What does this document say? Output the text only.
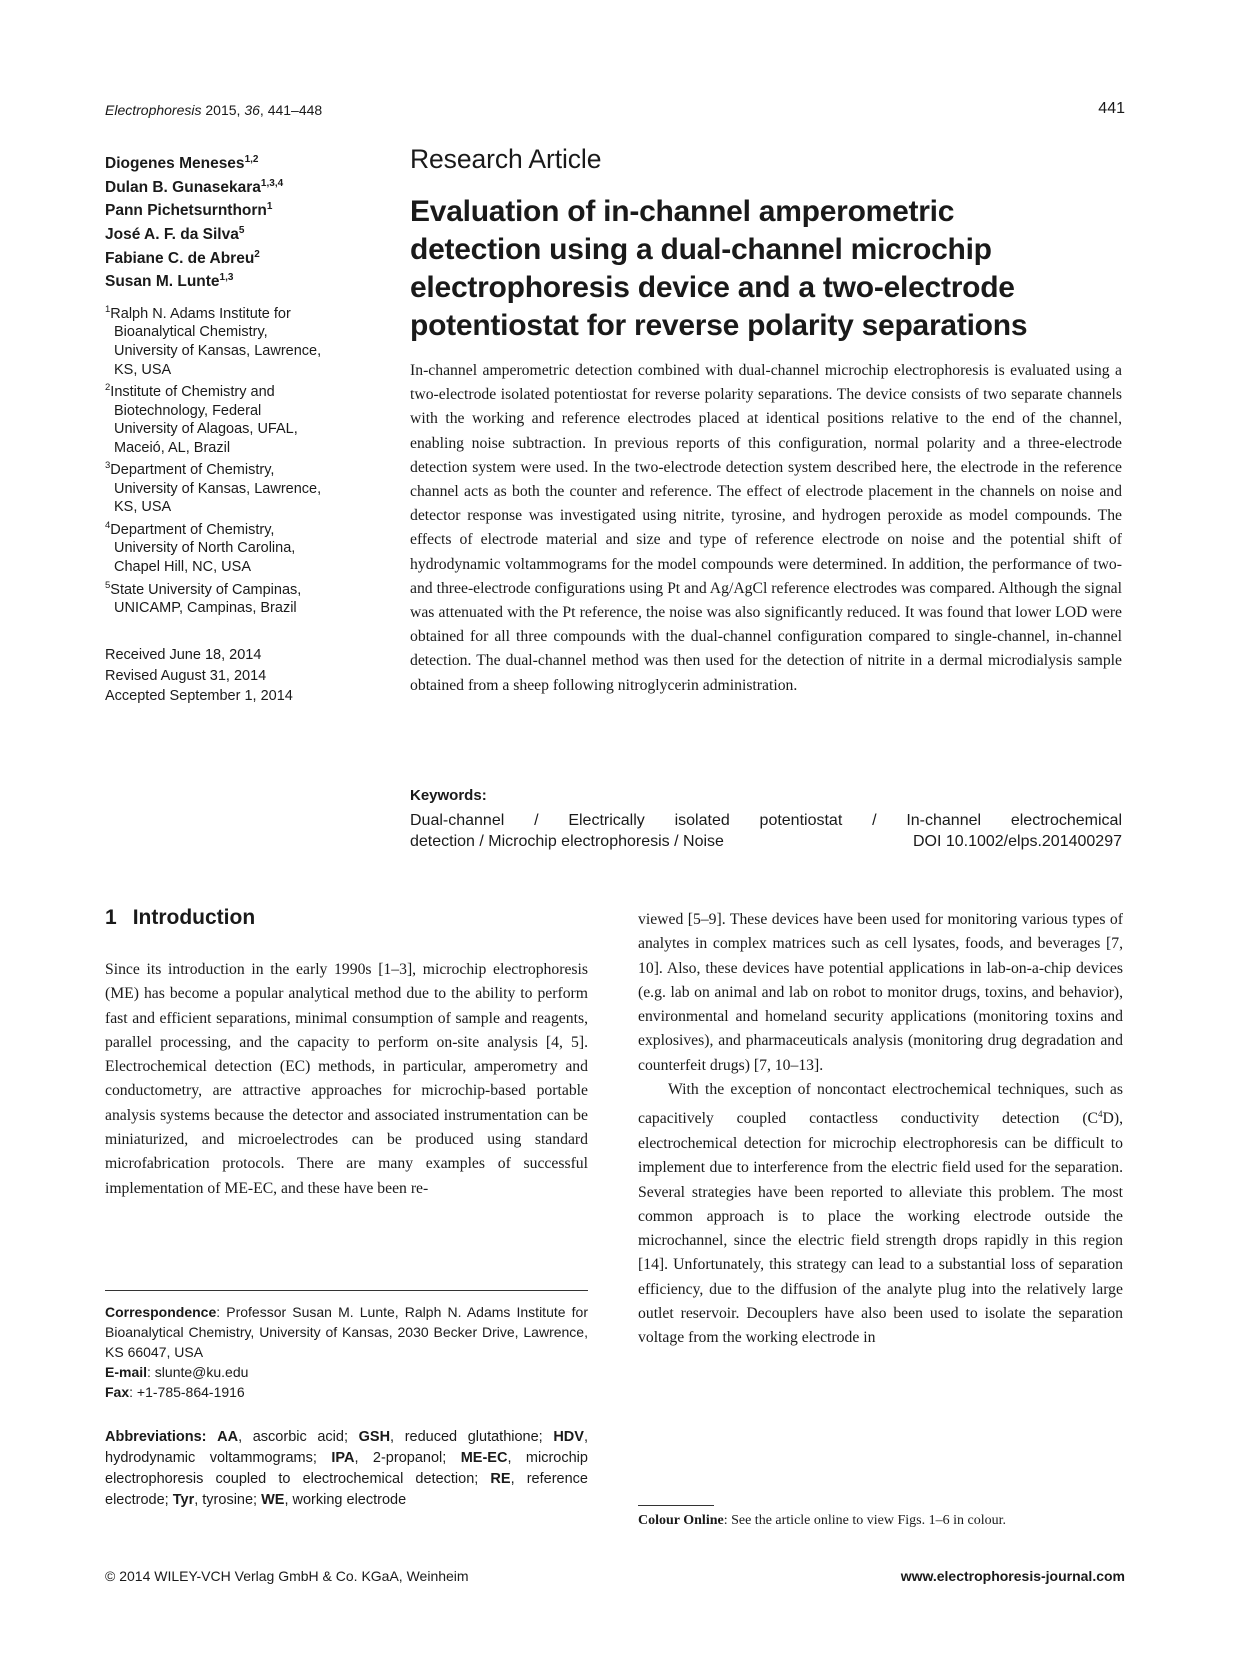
Electrophoresis 2015, 36, 441–448	441
Diogenes Meneses$^{1,2}$
Dulan B. Gunasekara$^{1,3,4}$
Pann Pichetsurnthorn$^1$
José A. F. da Silva$^5$
Fabiane C. de Abreu$^2$
Susan M. Lunte$^{1,3}$
$^1$Ralph N. Adams Institute for
Bioanalytical Chemistry,
University of Kansas, Lawrence,
KS, USA
$^2$Institute of Chemistry and
Biotechnology, Federal
University of Alagoas, UFAL,
Maceió, AL, Brazil
$^3$Department of Chemistry,
University of Kansas, Lawrence,
KS, USA
$^4$Department of Chemistry,
University of North Carolina,
Chapel Hill, NC, USA
$^5$State University of Campinas,
UNICAMP, Campinas, Brazil
Received June 18, 2014
Revised August 31, 2014
Accepted September 1, 2014
Research Article
Evaluation of in-channel amperometric
detection using a dual-channel microchip
electrophoresis device and a two-electrode
potentiostat for reverse polarity separations

In-channel amperometric detection combined with dual-channel microchip electrophoresis is evaluated using a two-electrode isolated potentiostat for reverse polarity separations. The device consists of two separate channels with the working and reference electrodes placed at identical positions relative to the end of the channel, enabling noise subtraction. In previous reports of this configuration, normal polarity and a three-electrode detection system were used. In the two-electrode detection system described here, the electrode in the reference channel acts as both the counter and reference. The effect of electrode placement in the channels on noise and detector response was investigated using nitrite, tyrosine, and hydrogen peroxide as model compounds. The effects of electrode material and size and type of reference electrode on noise and the potential shift of hydrodynamic voltammograms for the model compounds were determined. In addition, the performance of two- and three-electrode configurations using Pt and Ag/AgCl reference electrodes was compared. Although the signal was attenuated with the Pt reference, the noise was also significantly reduced. It was found that lower LOD were obtained for all three compounds with the dual-channel configuration compared to single-channel, in-channel detection. The dual-channel method was then used for the detection of nitrite in a dermal microdialysis sample obtained from a sheep following nitroglycerin administration.

Keywords:
Dual-channel / Electrically isolated potentiostat / In-channel electrochemical
detection / Microchip electrophoresis / Noise	DOI 10.1002/elps.201400297
1 Introduction

Since its introduction in the early 1990s [1–3], microchip electrophoresis (ME) has become a popular analytical method due to the ability to perform fast and efficient separations, minimal consumption of sample and reagents, parallel processing, and the capacity to perform on-site analysis [4, 5]. Electrochemical detection (EC) methods, in particular, amperometry and conductometry, are attractive approaches for microchip-based portable analysis systems because the detector and associated instrumentation can be miniaturized, and microelectrodes can be produced using standard microfabrication protocols. There are many examples of successful implementation of ME-EC, and these have been re-

viewed [5–9]. These devices have been used for monitoring various types of analytes in complex matrices such as cell lysates, foods, and beverages [7, 10]. Also, these devices have potential applications in lab-on-a-chip devices (e.g. lab on animal and lab on robot to monitor drugs, toxins, and behavior), environmental and homeland security applications (monitoring toxins and explosives), and pharmaceuticals analysis (monitoring drug degradation and counterfeit drugs) [7, 10–13].

With the exception of noncontact electrochemical techniques, such as capacitively coupled contactless conductivity detection $(C^4D)$, electrochemical detection for microchip electrophoresis can be difficult to implement due to interference from the electric field used for the separation. Several strategies have been reported to alleviate this problem. The most common approach is to place the working electrode outside the microchannel, since the electric field strength drops rapidly in this region [14]. Unfortunately, this strategy can lead to a substantial loss of separation efficiency, due to the diffusion of the analyte plug into the relatively large outlet reservoir. Decouplers have also been used to isolate the separation voltage from the working electrode in

Correspondence: Professor Susan M. Lunte, Ralph N. Adams Institute for Bioanalytical Chemistry, University of Kansas, 2030 Becker Drive, Lawrence, KS 66047, USA
E-mail: slunte@ku.edu
Fax: +1-785-864-1916
Abbreviations: AA, ascorbic acid; GSH, reduced glutathione; HDV, hydrodynamic voltammograms; IPA, 2-propanol; ME-EC, microchip electrophoresis coupled to electrochemical detection; RE, reference electrode; Tyr, tyrosine; WE, working electrode
Colour Online: See the article online to view Figs. 1–6 in colour.
© 2014 WILEY-VCH Verlag GmbH & Co. KGaA, Weinheim	www.electrophoresis-journal.com
